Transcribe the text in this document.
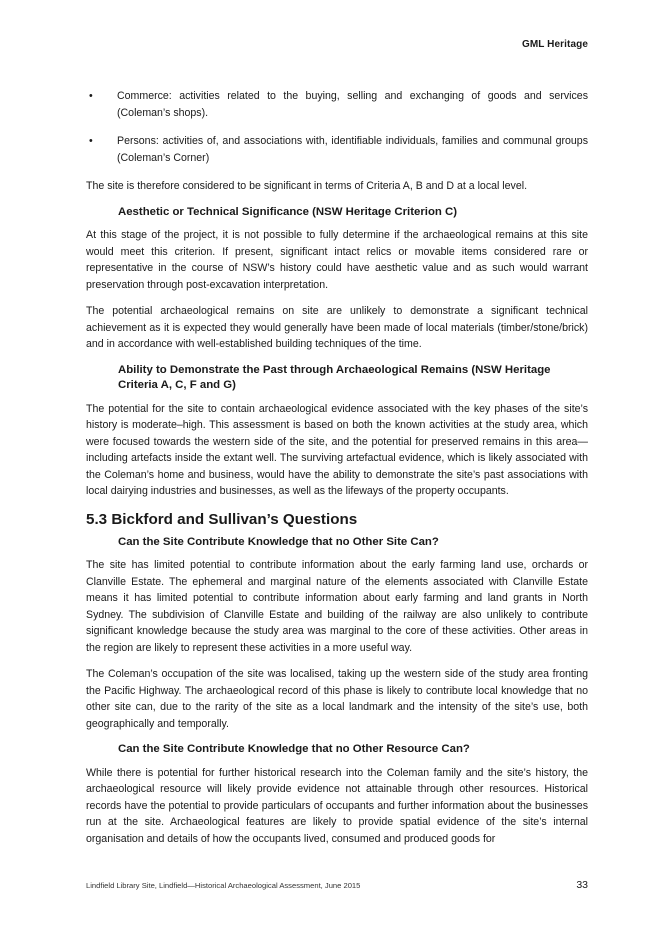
GML Heritage
• Commerce: activities related to the buying, selling and exchanging of goods and services (Coleman’s shops).
• Persons: activities of, and associations with, identifiable individuals, families and communal groups (Coleman’s Corner)

The site is therefore considered to be significant in terms of Criteria A, B and D at a local level.

Aesthetic or Technical Significance (NSW Heritage Criterion C)

At this stage of the project, it is not possible to fully determine if the archaeological remains at this site would meet this criterion. If present, significant intact relics or movable items considered rare or representative in the course of NSW’s history could have aesthetic value and as such would warrant preservation through post-excavation interpretation.

The potential archaeological remains on site are unlikely to demonstrate a significant technical achievement as it is expected they would generally have been made of local materials (timber/stone/brick) and in accordance with well-established building techniques of the time.

Ability to Demonstrate the Past through Archaeological Remains (NSW Heritage Criteria A, C, F and G)

The potential for the site to contain archaeological evidence associated with the key phases of the site’s history is moderate–high. This assessment is based on both the known activities at the study area, which were focused towards the western side of the site, and the potential for preserved remains in this area—including artefacts inside the extant well. The surviving artefactual evidence, which is likely associated with the Coleman’s home and business, would have the ability to demonstrate the site’s past associations with local dairying industries and businesses, as well as the lifeways of the property occupants.

5.3 Bickford and Sullivan’s Questions
Can the Site Contribute Knowledge that no Other Site Can?

The site has limited potential to contribute information about the early farming land use, orchards or Clanville Estate. The ephemeral and marginal nature of the elements associated with Clanville Estate means it has limited potential to contribute information about early farming and land grants in North Sydney. The subdivision of Clanville Estate and building of the railway are also unlikely to contribute significant knowledge because the study area was marginal to the core of these activities. Other areas in the region are likely to represent these activities in a more useful way.

The Coleman’s occupation of the site was localised, taking up the western side of the study area fronting the Pacific Highway. The archaeological record of this phase is likely to contribute local knowledge that no other site can, due to the rarity of the site as a local landmark and the intensity of the site’s use, both geographically and temporally.

Can the Site Contribute Knowledge that no Other Resource Can?

While there is potential for further historical research into the Coleman family and the site’s history, the archaeological resource will likely provide evidence not attainable through other resources. Historical records have the potential to provide particulars of occupants and further information about the businesses run at the site. Archaeological features are likely to provide spatial evidence of the site’s internal organisation and details of how the occupants lived, consumed and produced goods for

Lindfield Library Site, Lindfield—Historical Archaeological Assessment, June 2015	33
